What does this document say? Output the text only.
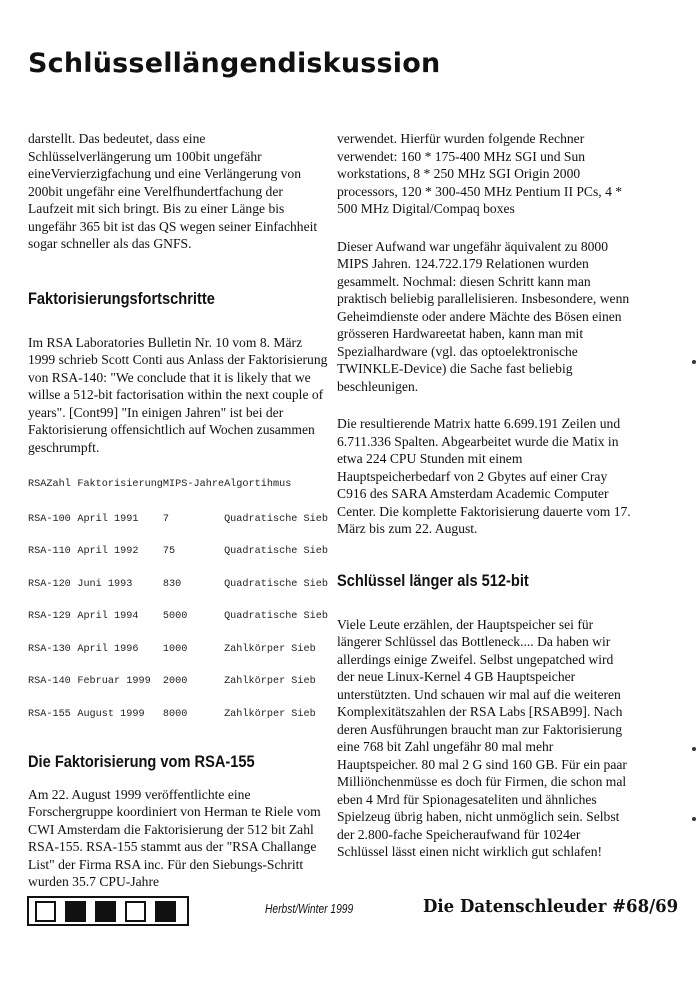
Schlüssellängendiskussion

darstellt. Das bedeutet, dass eine Schlüsselverlängerung um 100bit ungefähr eineVervierzigfachung und eine Verlängerung von 200bit ungefähr eine Verelfhundertfachung der Laufzeit mit sich bringt. Bis zu einer Länge bis ungefähr 365 bit ist das QS wegen seiner Einfachheit sogar schneller als das GNFS.

Faktorisierungsfortschritte

Im RSA Laboratories Bulletin Nr. 10 vom 8. März 1999 schrieb Scott Conti aus Anlass der Faktorisierung von RSA-140: "We conclude that it is likely that we willse a 512-bit factorisation within the next couple of years". [Cont99] "In einigen Jahren" ist bei der Faktorisierung offensichtlich auf Wochen zusammen geschrumpft.

RSAZahl	Faktorisierung	MIPS-Jahre	Algortihmus
RSA-100	April 1991	7	Quadratische Sieb
RSA-110	April 1992	75	Quadratische Sieb
RSA-120	Juni 1993	830	Quadratische Sieb
RSA-129	April 1994	5000	Quadratische Sieb
RSA-130	April 1996	1000	Zahlkörper Sieb
RSA-140	Februar 1999	2000	Zahlkörper Sieb
RSA-155	August 1999	8000	Zahlkörper Sieb
Die Faktorisierung vom RSA-155

Am 22. August 1999 veröffentlichte eine Forschergruppe koordiniert von Herman te Riele vom CWI Amsterdam die Faktorisierung der 512 bit Zahl RSA-155. RSA-155 stammt aus der "RSA Challange List" der Firma RSA inc. Für den Siebungs-Schritt wurden 35.7 CPU-Jahre

verwendet. Hierfür wurden folgende Rechner verwendet: 160 * 175-400 MHz SGI und Sun workstations, 8 * 250 MHz SGI Origin 2000 processors, 120 * 300-450 MHz Pentium II PCs, 4 * 500 MHz Digital/Compaq boxes

Dieser Aufwand war ungefähr äquivalent zu 8000 MIPS Jahren. 124.722.179 Relationen wurden gesammelt. Nochmal: diesen Schritt kann man praktisch beliebig parallelisieren. Insbesondere, wenn Geheimdienste oder andere Mächte des Bösen einen grösseren Hardwareetat haben, kann man mit Spezialhardware (vgl. das optoelektronische TWINKLE-Device) die Sache fast beliebig beschleunigen.

Die resultierende Matrix hatte 6.699.191 Zeilen und 6.711.336 Spalten. Abgearbeitet wurde die Matix in etwa 224 CPU Stunden mit einem Hauptspeicherbedarf von 2 Gbytes auf einer Cray C916 des SARA Amsterdam Academic Computer Center. Die komplette Faktorisierung dauerte vom 17. März bis zum 22. August.

Schlüssel länger als 512-bit

Viele Leute erzählen, der Hauptspeicher sei für längerer Schlüssel das Bottleneck.... Da haben wir allerdings einige Zweifel. Selbst ungepatched wird der neue Linux-Kernel 4 GB Hauptspeicher unterstützten. Und schauen wir mal auf die weiteren Komplexitätszahlen der RSA Labs [RSAB99]. Nach deren Ausführungen braucht man zur Faktorisierung eine 768 bit Zahl ungefähr 80 mal mehr Hauptspeicher. 80 mal 2 G sind 160 GB. Für ein paar Milliönchenmüsse es doch für Firmen, die schon mal eben 4 Mrd für Spionagesateliten und ähnliches Spielzeug übrig haben, nicht unmöglich sein. Selbst der 2.800-fache Speicheraufwand für 1024er Schlüssel lässt einen nicht wirklich gut schlafen!

Herbst/Winter 1999	Die Datenschleuder #68/69
